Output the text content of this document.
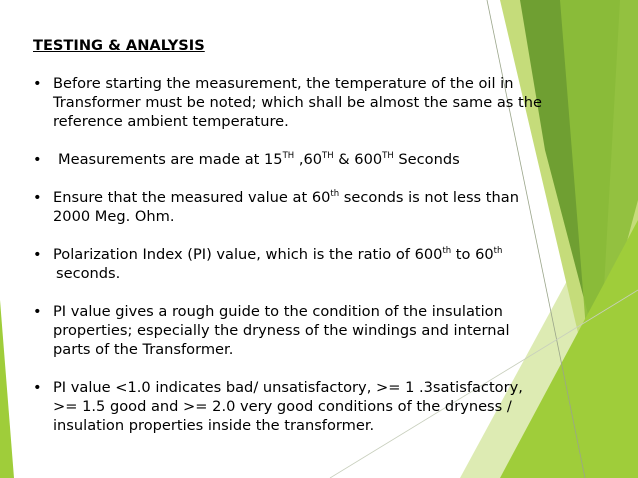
TESTING & ANALYSIS

• Before starting the measurement, the temperature of the oil in
Transformer must be noted; which shall be almost the same as the
reference ambient temperature.
• Measurements are made at 15TH ,60TH & 600TH Seconds
• Ensure that the measured value at 60th seconds is not less than
2000 Meg. Ohm.
• Polarization Index (PI) value, which is the ratio of 600th to 60th
seconds.
• PI value gives a rough guide to the condition of the insulation
properties; especially the dryness of the windings and internal
parts of the Transformer.
• PI value <1.0 indicates bad/ unsatisfactory, >= 1 .3satisfactory,
>= 1.5 good and >= 2.0 very good conditions of the dryness /
insulation properties inside the transformer.
